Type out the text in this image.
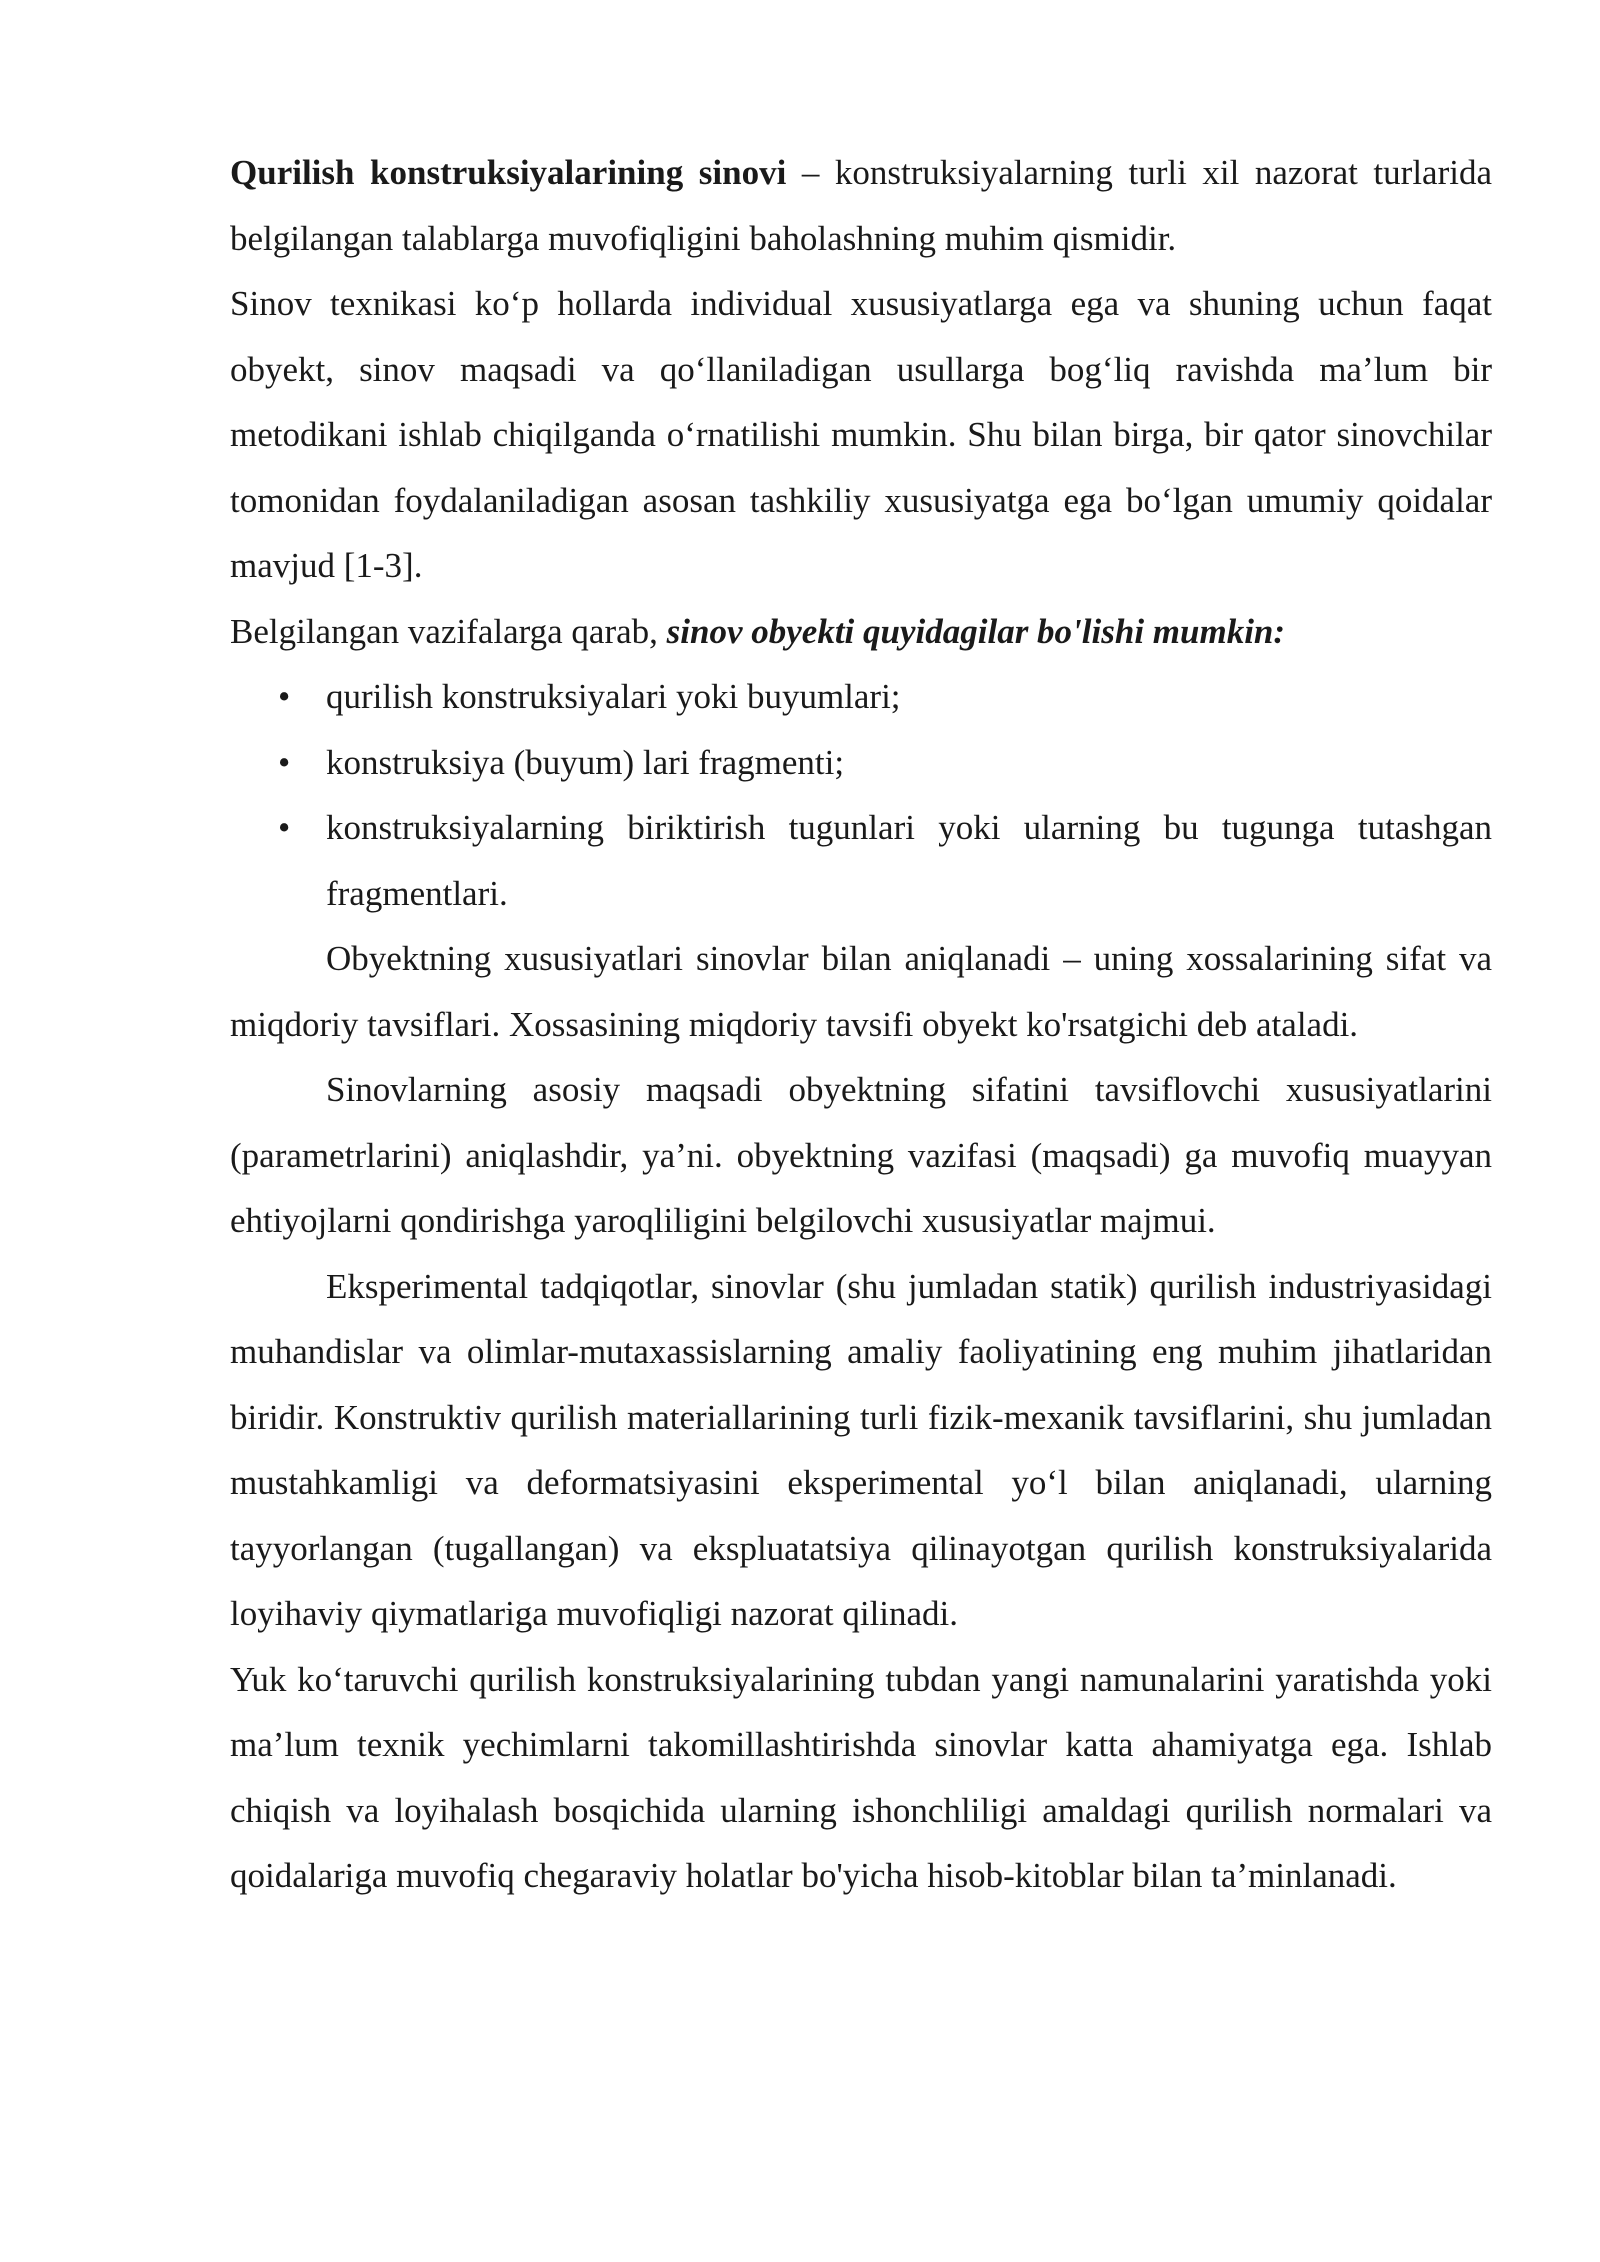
Qurilish konstruksiyalarining sinovi – konstruksiyalarning turli xil nazorat turlarida belgilangan talablarga muvofiqligini baholashning muhim qismidir.

Sinov texnikasi ko‘p hollarda individual xususiyatlarga ega va shuning uchun faqat obyekt, sinov maqsadi va qo‘llaniladigan usullarga bog‘liq ravishda ma’lum bir metodikani ishlab chiqilganda o‘rnatilishi mumkin. Shu bilan birga, bir qator sinovchilar tomonidan foydalaniladigan asosan tashkiliy xususiyatga ega bo‘lgan umumiy qoidalar mavjud [1-3].

Belgilangan vazifalarga qarab, sinov obyekti quyidagilar bo'lishi mumkin:

• qurilish konstruksiyalari yoki buyumlari;
• konstruksiya (buyum) lari fragmenti;
• konstruksiyalarning biriktirish tugunlari yoki ularning bu tugunga tutashgan fragmentlari.

Obyektning xususiyatlari sinovlar bilan aniqlanadi – uning xossalarining sifat va miqdoriy tavsiflari. Xossasining miqdoriy tavsifi obyekt ko'rsatgichi deb ataladi.

Sinovlarning asosiy maqsadi obyektning sifatini tavsiflovchi xususiyatlarini (parametrlarini) aniqlashdir, ya’ni. obyektning vazifasi (maqsadi) ga muvofiq muayyan ehtiyojlarni qondirishga yaroqliligini belgilovchi xususiyatlar majmui.

Eksperimental tadqiqotlar, sinovlar (shu jumladan statik) qurilish industriyasidagi muhandislar va olimlar-mutaxassislarning amaliy faoliyatining eng muhim jihatlaridan biridir. Konstruktiv qurilish materiallarining turli fizik-mexanik tavsiflarini, shu jumladan mustahkamligi va deformatsiyasini eksperimental yo‘l bilan aniqlanadi, ularning tayyorlangan (tugallangan) va ekspluatatsiya qilinayotgan qurilish konstruksiyalarida loyihaviy qiymatlariga muvofiqligi nazorat qilinadi.

Yuk ko‘taruvchi qurilish konstruksiyalarining tubdan yangi namunalarini yaratishda yoki ma’lum texnik yechimlarni takomillashtirishda sinovlar katta ahamiyatga ega. Ishlab chiqish va loyihalash bosqichida ularning ishonchliligi amaldagi qurilish normalari va qoidalariga muvofiq chegaraviy holatlar bo'yicha hisob-kitoblar bilan ta’minlanadi.
